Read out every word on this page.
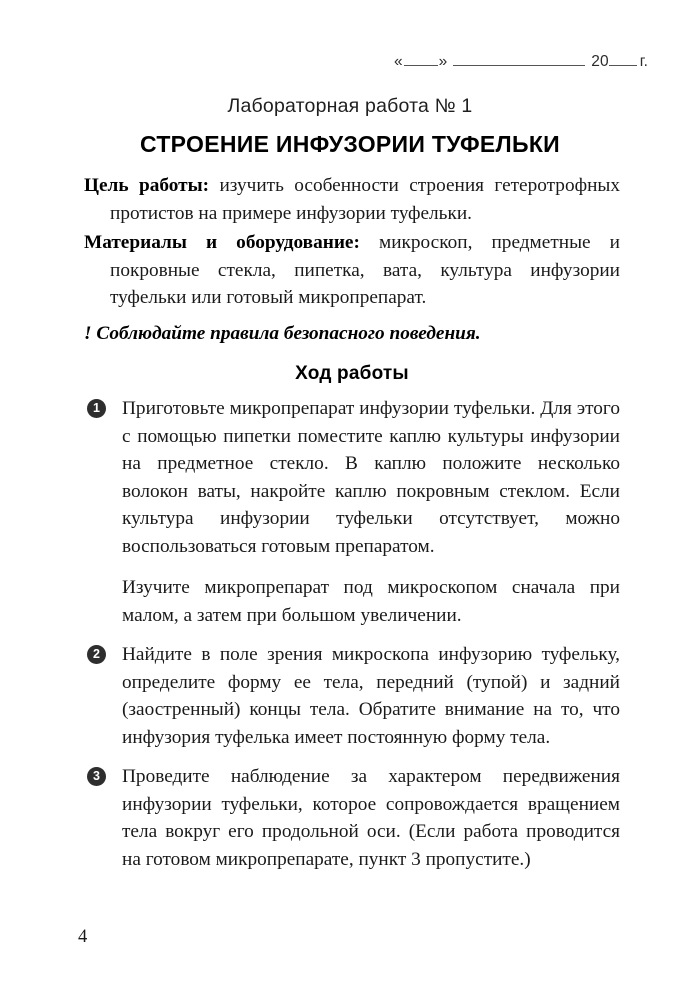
« »	20 г.
Лабораторная работа № 1
СТРОЕНИЕ ИНФУЗОРИИ ТУФЕЛЬКИ

Цель работы: изучить особенности строения гетеротрофных протистов на примере инфузории туфельки.

Материалы и оборудование: микроскоп, предметные и покровные стекла, пипетка, вата, культура инфузории туфельки или готовый микропрепарат.

! Соблюдайте правила безопасного поведения.

Ход работы
1	Приготовьте микропрепарат инфузории туфельки. Для этого с помощью пипетки поместите каплю культуры инфузории на предметное стекло. В каплю положите несколько волокон ваты, накройте каплю покровным стеклом. Если культура инфузории туфельки отсутствует, можно воспользоваться готовым препаратом.

Изучите микропрепарат под микроскопом сначала при малом, а затем при большом увеличении.

2	Найдите в поле зрения микроскопа инфузорию туфельку, определите форму ее тела, передний (тупой) и задний (заостренный) концы тела. Обратите внимание на то, что инфузория туфелька имеет постоянную форму тела.

3	Проведите наблюдение за характером передвижения инфузории туфельки, которое сопровождается вращением тела вокруг его продольной оси. (Если работа проводится на готовом микропрепарате, пункт 3 пропустите.)

4
